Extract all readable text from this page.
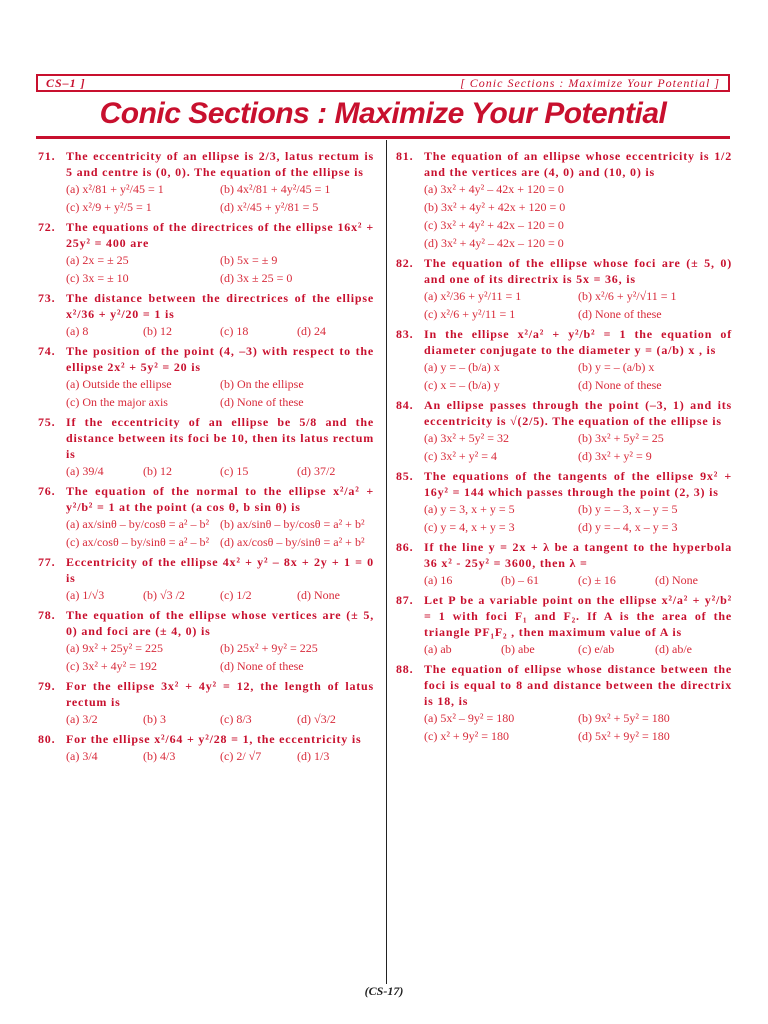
CS–1 ]	[ Conic Sections : Maximize Your Potential ]
Conic Sections : Maximize Your Potential
71. The eccentricity of an ellipse is 2/3, latus rectum is 5 and centre is (0, 0). The equation of the ellipse is
(a) x²/81 + y²/45 = 1	(b) 4x²/81 + 4y²/45 = 1
(c) x²/9 + y²/5 = 1	(d) x²/45 + y²/81 = 5
72. The equations of the directrices of the ellipse 16x² + 25y² = 400 are
(a) 2x = ± 25	(b) 5x = ± 9
(c) 3x = ± 10	(d) 3x ± 25 = 0
73. The distance between the directrices of the ellipse x²/36 + y²/20 = 1 is
(a) 8	(b) 12	(c) 18	(d) 24
74. The position of the point (4, –3) with respect to the ellipse 2x² + 5y² = 20 is
(a) Outside the ellipse	(b) On the ellipse
(c) On the major axis	(d) None of these
75. If the eccentricity of an ellipse be 5/8 and the distance between its foci be 10, then its latus rectum is
(a) 39/4	(b) 12	(c) 15	(d) 37/2
76. The equation of the normal to the ellipse x²/a² + y²/b² = 1 at the point (a cos θ, b sin θ) is
(a) ax/sinθ – by/cosθ = a² – b² (b) ax/sinθ – by/cosθ = a² + b²
(c) ax/cosθ – by/sinθ = a² – b² (d) ax/cosθ – by/sinθ = a² + b²
77. Eccentricity of the ellipse 4x² + y² – 8x + 2y + 1 = 0 is
(a) 1/√3	(b) √3 /2	(c) 1/2	(d) None
78. The equation of the ellipse whose vertices are (± 5, 0) and foci are (± 4, 0) is
(a) 9x² + 25y² = 225	(b) 25x² + 9y² = 225
(c) 3x² + 4y² = 192	(d) None of these
79. For the ellipse 3x² + 4y² = 12, the length of latus rectum is
(a) 3/2	(b) 3	(c) 8/3	(d) √3/2
80. For the ellipse x²/64 + y²/28 = 1, the eccentricity is
(a) 3/4	(b) 4/3	(c) 2/ √7	(d) 1/3
81. The equation of an ellipse whose eccentricity is 1/2 and the vertices are (4, 0) and (10, 0) is
(a) 3x² + 4y² – 42x + 120 = 0
(b) 3x² + 4y² + 42x + 120 = 0
(c) 3x² + 4y² + 42x – 120 = 0
(d) 3x² + 4y² – 42x – 120 = 0
82. The equation of the ellipse whose foci are (± 5, 0) and one of its directrix is 5x = 36, is
(a) x²/36 + y²/11 = 1	(b) x²/6 + y²/√11 = 1
(c) x²/6 + y²/11 = 1	(d) None of these
83. In the ellipse x²/a² + y²/b² = 1 the equation of diameter conjugate to the diameter y = (a/b) x , is
(a) y = – (b/a) x	(b) y = – (a/b) x
(c) x = – (b/a) y	(d) None of these
84. An ellipse passes through the point (–3, 1) and its eccentricity is √(2/5). The equation of the ellipse is
(a) 3x² + 5y² = 32	(b) 3x² + 5y² = 25
(c) 3x² + y² = 4	(d) 3x² + y² = 9
85. The equations of the tangents of the ellipse 9x² + 16y² = 144 which passes through the point (2, 3) is
(a) y = 3, x + y = 5	(b) y = – 3, x – y = 5
(c) y = 4, x + y = 3	(d) y = – 4, x – y = 3
86. If the line y = 2x + λ be a tangent to the hyperbola 36 x² - 25y² = 3600, then λ =
(a) 16	(b) – 61	(c) ± 16	(d) None
87. Let P be a variable point on the ellipse x²/a² + y²/b² = 1 with foci F₁ and F₂. If A is the area of the triangle PF₁F₂ , then maximum value of A is
(a) ab	(b) abe	(c) e/ab	(d) ab/e
88. The equation of ellipse whose distance between the foci is equal to 8 and distance between the directrix is 18, is
(a) 5x² – 9y² = 180	(b) 9x² + 5y² = 180
(c) x² + 9y² = 180	(d) 5x² + 9y² = 180
(CS-17)
